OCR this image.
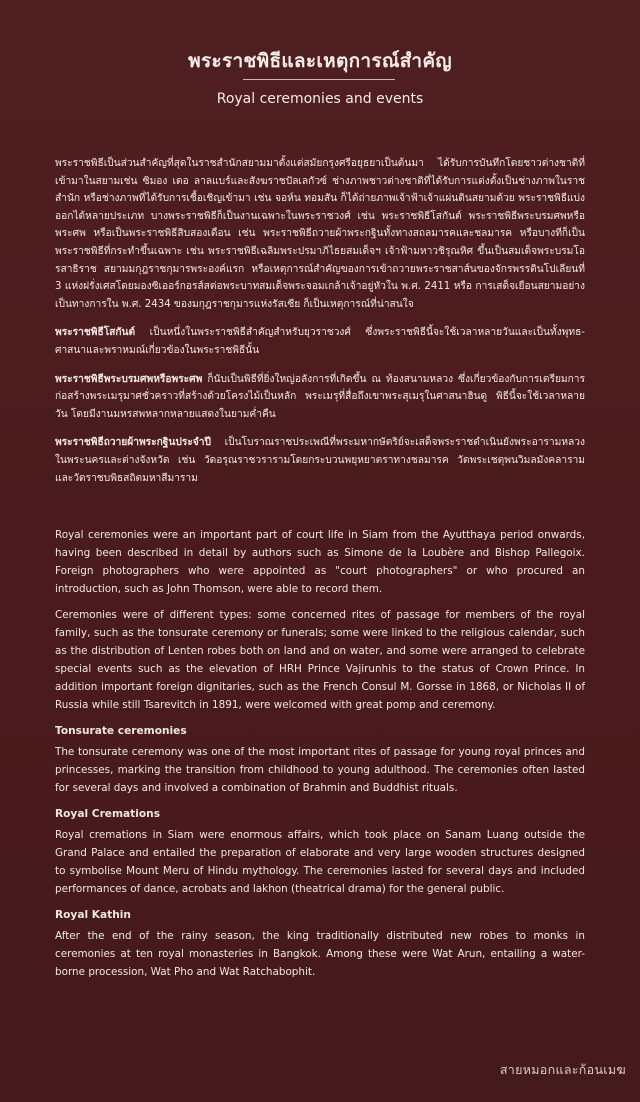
พระราชพิธีและเหตุการณ์สำคัญ
Royal ceremonies and events

พระราชพิธีเป็นส่วนสำคัญที่สุดในราชสำนักสยามมาตั้งแต่สมัยกรุงศรีอยุธยาเป็นต้นมา ได้รับการบันทึกโดยชาวต่างชาติที่เข้ามาในสยามเช่น ซิมอง เดอ ลาลแบร์และสังฆราชปัลเลกัวซ์ ช่างภาพชาวต่างชาติที่ได้รับการแต่งตั้งเป็นช่างภาพในราชสำนัก หรือช่างภาพที่ได้รับการเชื้อเชิญเข้ามา เช่น จอห์น ทอมสัน ก็ได้ถ่ายภาพเจ้าฟ้าเจ้าแผ่นดินสยามด้วย พระราชพิธีแบ่งออกได้หลายประเภท บางพระราชพิธีก็เป็นงานเฉพาะในพระราชวงศ์ เช่น พระราชพิธีโสกันต์ พระราชพิธีพระบรมศพหรือพระศพ หรือเป็นพระราชพิธีสิบสองเดือน เช่น พระราชพิธีถวายผ้าพระกฐินทั้งทางสถลมารคและชลมารค หรือบางทีก็เป็นพระราชพิธีที่กระทำขึ้นเฉพาะ เช่น พระราชพิธีเฉลิมพระปรมาภิไธยสมเด็จฯ เจ้าฟ้ามหาวชิรุณหิศ ขึ้นเป็นสมเด็จพระบรมโอรสาธิราช สยามมกุฎราชกุมารพระองค์แรก หรือเหตุการณ์สำคัญของการเข้าถวายพระราชสาส์นของจักรพรรดินโปเลียนที่ 3 แห่งฝรั่งเศสโดยมองซิเออร์กอรส์สต่อพระบาทสมเด็จพระจอมเกล้าเจ้าอยู่หัวใน พ.ศ. 2411 หรือ การเสด็จเยือนสยามอย่างเป็นทางการใน พ.ศ. 2434 ของมกุฎราชกุมารแห่งรัสเซีย ก็เป็นเหตุการณ์ที่น่าสนใจ

พระราชพิธีโสกันต์ เป็นหนึ่งในพระราชพิธีสำคัญสำหรับยุวราชวงศ์ ซึ่งพระราชพิธีนี้จะใช้เวลาหลายวันและเป็นทั้งพุทธ-ศาสนาและพราหมณ์เกี่ยวข้องในพระราชพิธีนั้น

พระราชพิธีพระบรมศพหรือพระศพ ก็นับเป็นพิธีที่ยิ่งใหญ่อลังการที่เกิดขึ้น ณ ท้องสนามหลวง ซึ่งเกี่ยวข้องกับการเตรียมการก่อสร้างพระเมรุมาศชั่วคราวที่สร้างด้วยโครงไม้เป็นหลัก พระเมรุที่สื่อถึงเขาพระสุเมรุในศาสนาฮินดู พิธีนี้จะใช้เวลาหลายวัน โดยมีงานมหรสพหลากหลายแสดงในยามค่ำคืน

พระราชพิธีถวายผ้าพระกฐินประจำปี เป็นโบราณราชประเพณีที่พระมหากษัตริย์จะเสด็จพระราชดำเนินยังพระอารามหลวงในพระนครและต่างจังหวัด เช่น วัดอรุณราชวรารามโดยกระบวนพยุหยาตราทางชลมารค วัดพระเชตุพนวิมลมังคลารามและวัดราชบพิธสถิตมหาสีมาราม

Royal ceremonies were an important part of court life in Siam from the Ayutthaya period onwards, having been described in detail by authors such as Simone de la Loubère and Bishop Pallegoix. Foreign photographers who were appointed as "court photographers" or who procured an introduction, such as John Thomson, were able to record them.

Ceremonies were of different types: some concerned rites of passage for members of the royal family, such as the tonsurate ceremony or funerals; some were linked to the religious calendar, such as the distribution of Lenten robes both on land and on water, and some were arranged to celebrate special events such as the elevation of HRH Prince Vajirunhis to the status of Crown Prince. In addition important foreign dignitaries, such as the French Consul M. Gorsse in 1868, or Nicholas II of Russia while still Tsarevitch in 1891, were welcomed with great pomp and ceremony.

Tonsurate ceremonies

The tonsurate ceremony was one of the most important rites of passage for young royal princes and princesses, marking the transition from childhood to young adulthood. The ceremonies often lasted for several days and involved a combination of Brahmin and Buddhist rituals.

Royal Cremations

Royal cremations in Siam were enormous affairs, which took place on Sanam Luang outside the Grand Palace and entailed the preparation of elaborate and very large wooden structures designed to symbolise Mount Meru of Hindu mythology. The ceremonies lasted for several days and included performances of dance, acrobats and lakhon (theatrical drama) for the general public.

Royal Kathin

After the end of the rainy season, the king traditionally distributed new robes to monks in ceremonies at ten royal monasteries in Bangkok. Among these were Wat Arun, entailing a water-borne procession, Wat Pho and Wat Ratchabophit.

สายหมอกและก้อนเมฆ
